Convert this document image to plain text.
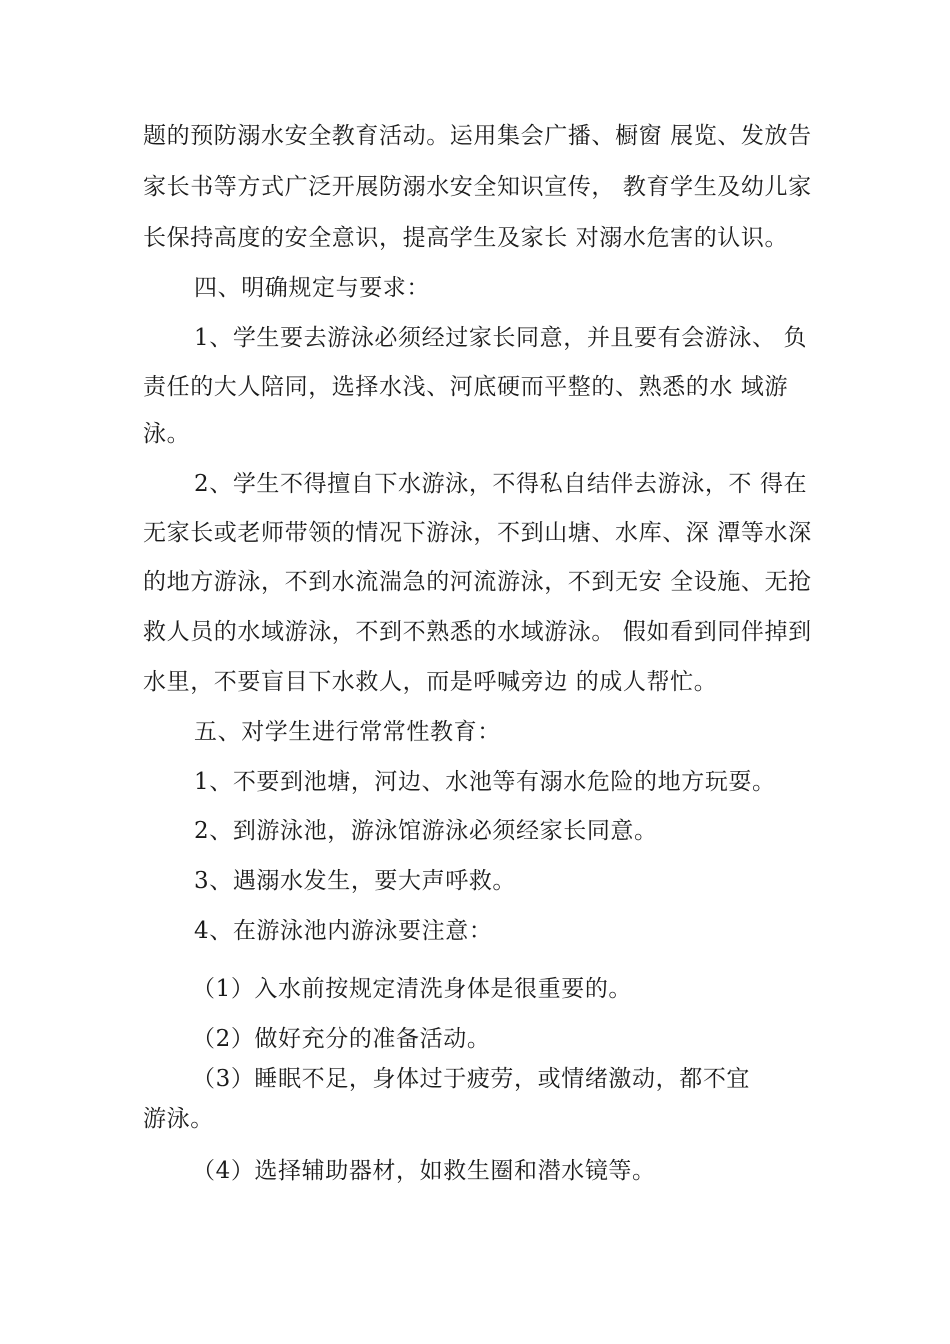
题的预防溺水安全教育活动。运用集会广播、橱窗 展览、发放告
家长书等方式广泛开展防溺水安全知识宣传， 教育学生及幼儿家
长保持高度的安全意识，提高学生及家长 对溺水危害的认识。
四、明确规定与要求：
1、学生要去游泳必须经过家长同意，并且要有会游泳、 负
责任的大人陪同，选择水浅、河底硬而平整的、熟悉的水 域游
泳。
2、学生不得擅自下水游泳，不得私自结伴去游泳，不 得在
无家长或老师带领的情况下游泳，不到山塘、水库、深 潭等水深
的地方游泳，不到水流湍急的河流游泳，不到无安 全设施、无抢
救人员的水域游泳，不到不熟悉的水域游泳。 假如看到同伴掉到
水里，不要盲目下水救人，而是呼喊旁边 的成人帮忙。
五、对学生进行常常性教育：
1、不要到池塘，河边、水池等有溺水危险的地方玩耍。
2、到游泳池，游泳馆游泳必须经家长同意。
3、遇溺水发生，要大声呼救。
4、在游泳池内游泳要注意：
（1）入水前按规定清洗身体是很重要的。
（2）做好充分的准备活动。
（3）睡眠不足，身体过于疲劳，或情绪激动，都不宜
游泳。
（4）选择辅助器材，如救生圈和潜水镜等。
